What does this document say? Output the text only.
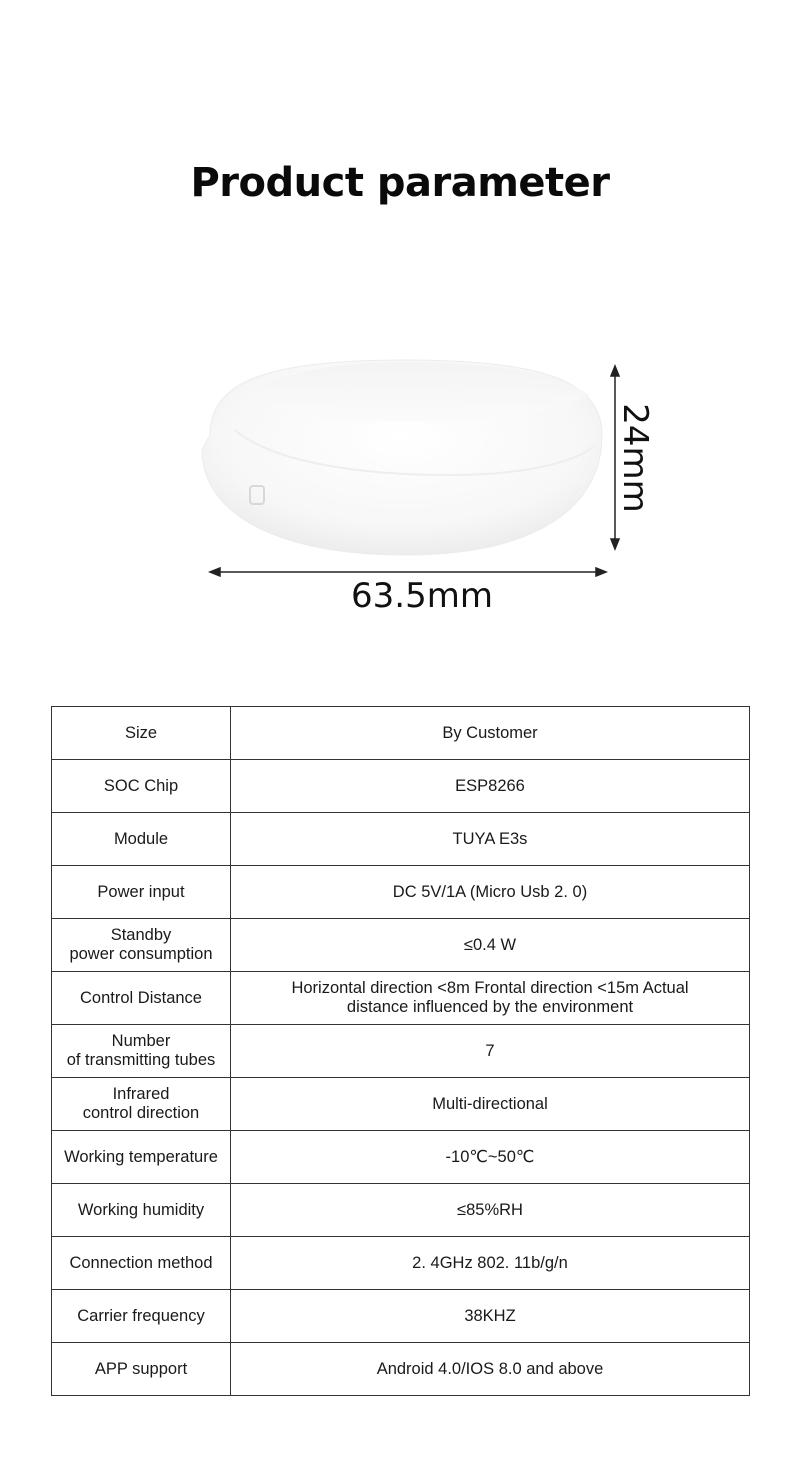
Product parameter
63.5mm
24mm
Size	By Customer

SOC Chip	ESP8266

Module	TUYA E3s

Power input	DC 5V/1A (Micro Usb 2. 0)

Standby
power consumption	≤0.4 W

Control Distance	Horizontal direction <8m Frontal direction <15m Actual
distance influenced by the environment

Number
of transmitting tubes	7

Infrared
control direction	Multi-directional

Working temperature	-10℃~50℃

Working humidity	≤85%RH

Connection method	2. 4GHz 802. 11b/g/n

Carrier frequency	38KHZ

APP support	Android 4.0/IOS 8.0 and above
